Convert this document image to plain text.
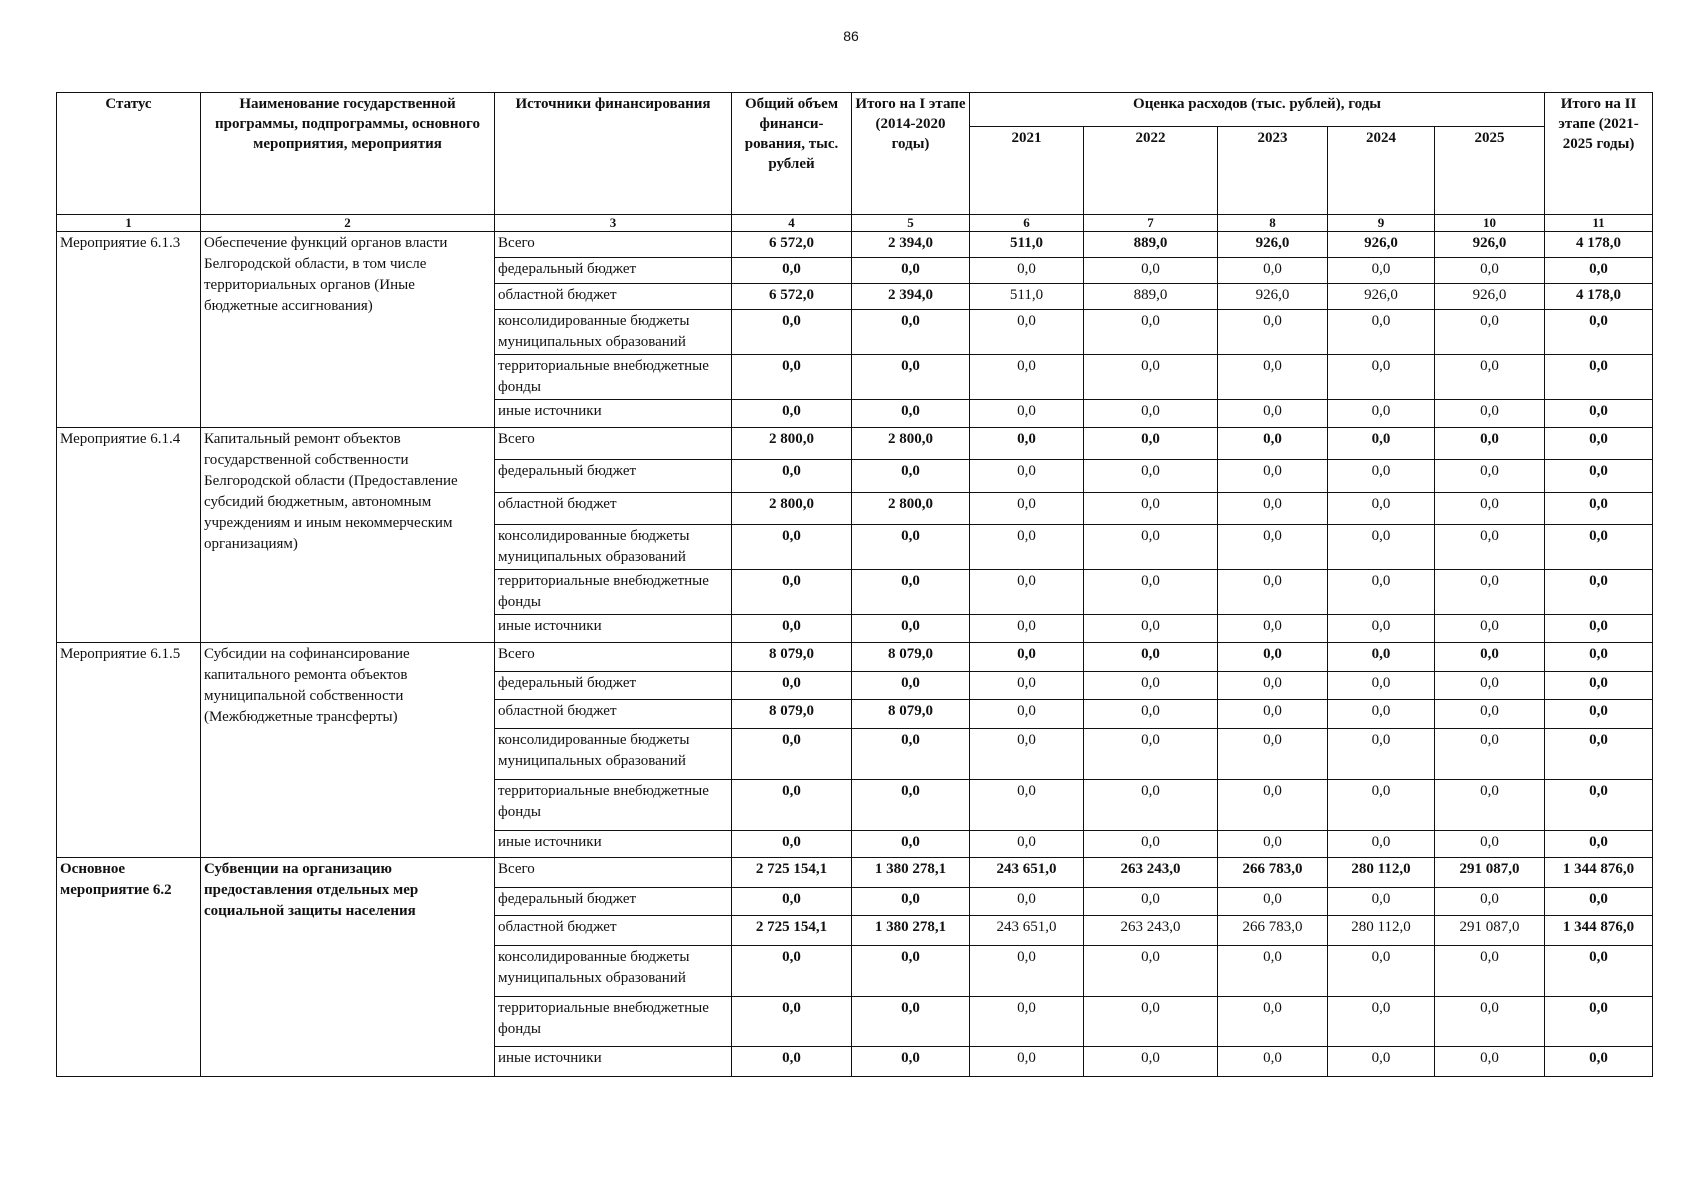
86
Статус	Наименование государственной программы, подпрограммы, основного мероприятия, мероприятия	Источники финансирования	Общий объем финанси-рования, тыс. рублей	Итого на I этапе (2014-2020 годы)	Оценка расходов (тыс. рублей), годы					Итого на II этапе (2021-2025 годы)
					2021	2022	2023	2024	2025	
1	2	3	4	5	6	7	8	9	10	11
Мероприятие 6.1.3	Обеспечение функций органов власти Белгородской области, в том числе территориальных органов (Иные бюджетные ассигнования)	Всего	6 572,0	2 394,0	511,0	889,0	926,0	926,0	926,0	4 178,0
		федеральный бюджет	0,0	0,0	0,0	0,0	0,0	0,0	0,0	0,0
		областной бюджет	6 572,0	2 394,0	511,0	889,0	926,0	926,0	926,0	4 178,0
		консолидированные бюджеты муниципальных образований	0,0	0,0	0,0	0,0	0,0	0,0	0,0	0,0
		территориальные внебюджетные фонды	0,0	0,0	0,0	0,0	0,0	0,0	0,0	0,0
		иные источники	0,0	0,0	0,0	0,0	0,0	0,0	0,0	0,0
Мероприятие 6.1.4	Капитальный ремонт объектов государственной собственности Белгородской области (Предоставление субсидий бюджетным, автономным учреждениям и иным некоммерческим организациям)	Всего	2 800,0	2 800,0	0,0	0,0	0,0	0,0	0,0	0,0
		федеральный бюджет	0,0	0,0	0,0	0,0	0,0	0,0	0,0	0,0
		областной бюджет	2 800,0	2 800,0	0,0	0,0	0,0	0,0	0,0	0,0
		консолидированные бюджеты муниципальных образований	0,0	0,0	0,0	0,0	0,0	0,0	0,0	0,0
		территориальные внебюджетные фонды	0,0	0,0	0,0	0,0	0,0	0,0	0,0	0,0
		иные источники	0,0	0,0	0,0	0,0	0,0	0,0	0,0	0,0
Мероприятие 6.1.5	Субсидии на софинансирование капитального ремонта объектов муниципальной собственности (Межбюджетные трансферты)	Всего	8 079,0	8 079,0	0,0	0,0	0,0	0,0	0,0	0,0
		федеральный бюджет	0,0	0,0	0,0	0,0	0,0	0,0	0,0	0,0
		областной бюджет	8 079,0	8 079,0	0,0	0,0	0,0	0,0	0,0	0,0
		консолидированные бюджеты муниципальных образований	0,0	0,0	0,0	0,0	0,0	0,0	0,0	0,0
		территориальные внебюджетные фонды	0,0	0,0	0,0	0,0	0,0	0,0	0,0	0,0
		иные источники	0,0	0,0	0,0	0,0	0,0	0,0	0,0	0,0
Основное мероприятие 6.2	Субвенции на организацию предоставления отдельных мер социальной защиты населения	Всего	2 725 154,1	1 380 278,1	243 651,0	263 243,0	266 783,0	280 112,0	291 087,0	1 344 876,0
		федеральный бюджет	0,0	0,0	0,0	0,0	0,0	0,0	0,0	0,0
		областной бюджет	2 725 154,1	1 380 278,1	243 651,0	263 243,0	266 783,0	280 112,0	291 087,0	1 344 876,0
		консолидированные бюджеты муниципальных образований	0,0	0,0	0,0	0,0	0,0	0,0	0,0	0,0
		территориальные внебюджетные фонды	0,0	0,0	0,0	0,0	0,0	0,0	0,0	0,0
		иные источники	0,0	0,0	0,0	0,0	0,0	0,0	0,0	0,0
